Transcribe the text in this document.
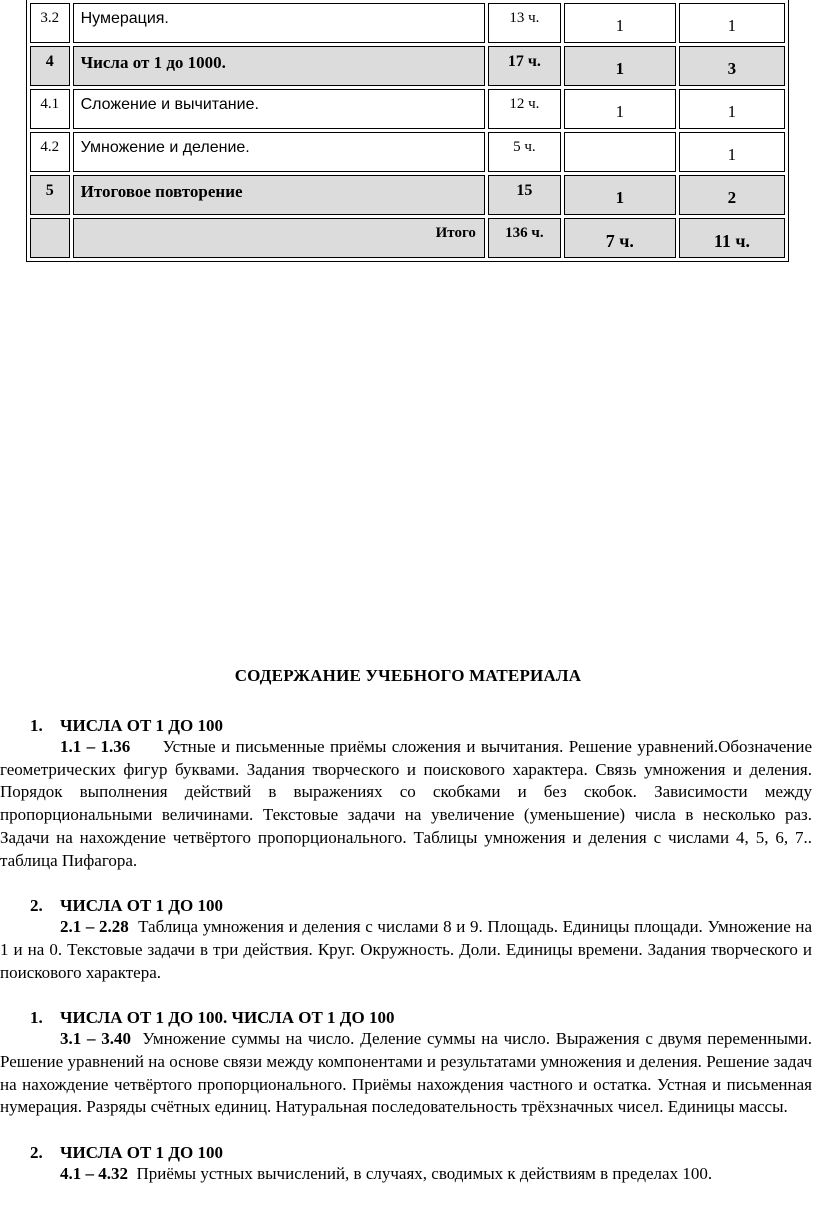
3.2	Нумерация.	13 ч.	1	1
4	Числа от 1 до 1000.	17 ч.	1	3
4.1	Сложение и вычитание.	12 ч.	1	1
4.2	Умножение и деление.	5 ч.		1
5	Итоговое повторение	15	1	2
	Итого	136 ч.	7 ч.	11 ч.
СОДЕРЖАНИЕ УЧЕБНОГО МАТЕРИАЛА
1. ЧИСЛА ОТ 1 ДО 100

1.1 – 1.36 Устные и письменные приёмы сложения и вычитания. Решение уравнений.Обозначение геометрических фигур буквами. Задания творческого и поискового характера. Связь умножения и деления. Порядок выполнения действий в выражениях со скобками и без скобок. Зависимости между пропорциональными величинами. Текстовые задачи на увеличение (уменьшение) числа в несколько раз. Задачи на нахождение четвёртого пропорционального. Таблицы умножения и деления с числами 4, 5, 6, 7.. таблица Пифагора.

2. ЧИСЛА ОТ 1 ДО 100

2.1 – 2.28 Таблица умножения и деления с числами 8 и 9. Площадь. Единицы площади. Умножение на 1 и на 0. Текстовые задачи в три действия. Круг. Окружность. Доли. Единицы времени. Задания творческого и поискового характера.

1. ЧИСЛА ОТ 1 ДО 100. ЧИСЛА ОТ 1 ДО 100

3.1 – 3.40 Умножение суммы на число. Деление суммы на число. Выражения с двумя переменными. Решение уравнений на основе связи между компонентами и результатами умножения и деления. Решение задач на нахождение четвёртого пропорционального. Приёмы нахождения частного и остатка. Устная и письменная нумерация. Разряды счётных единиц. Натуральная последовательность трёхзначных чисел. Единицы массы.

2. ЧИСЛА ОТ 1 ДО 100

4.1 – 4.32 Приёмы устных вычислений, в случаях, сводимых к действиям в пределах 100.
